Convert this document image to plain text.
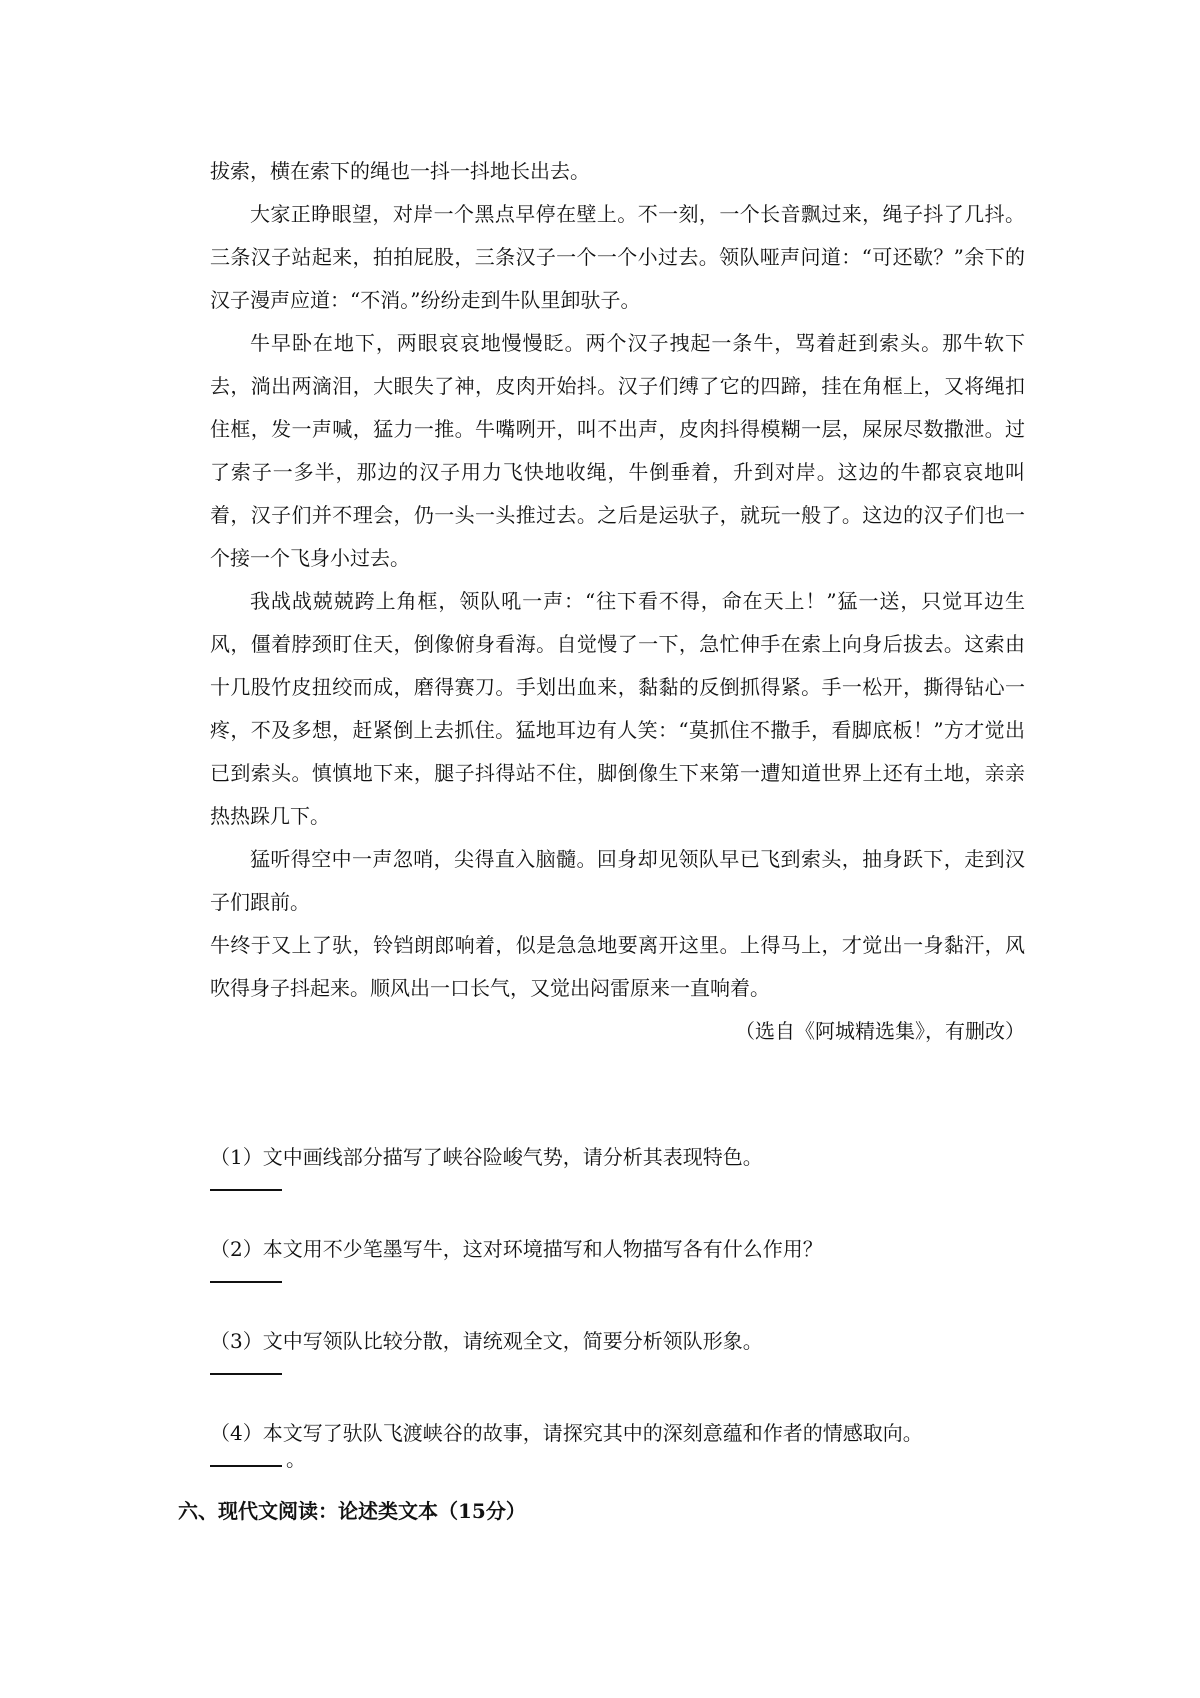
拔索，横在索下的绳也一抖一抖地长出去。

大家正睁眼望，对岸一个黑点早停在壁上。不一刻，一个长音飘过来，绳子抖了几抖。三条汉子站起来，拍拍屁股，三条汉子一个一个小过去。领队哑声问道：“可还歇？”余下的汉子漫声应道：“不消。”纷纷走到牛队里卸驮子。

牛早卧在地下，两眼哀哀地慢慢眨。两个汉子拽起一条牛，骂着赶到索头。那牛软下去，淌出两滴泪，大眼失了神，皮肉开始抖。汉子们缚了它的四蹄，挂在角框上，又将绳扣住框，发一声喊，猛力一推。牛嘴咧开，叫不出声，皮肉抖得模糊一层，屎尿尽数撒泄。过了索子一多半，那边的汉子用力飞快地收绳，牛倒垂着，升到对岸。这边的牛都哀哀地叫着，汉子们并不理会，仍一头一头推过去。之后是运驮子，就玩一般了。这边的汉子们也一个接一个飞身小过去。

我战战兢兢跨上角框，领队吼一声：“往下看不得，命在天上！”猛一送，只觉耳边生风，僵着脖颈盯住天，倒像俯身看海。自觉慢了一下，急忙伸手在索上向身后拔去。这索由十几股竹皮扭绞而成，磨得赛刀。手划出血来，黏黏的反倒抓得紧。手一松开，撕得钻心一疼，不及多想，赶紧倒上去抓住。猛地耳边有人笑：“莫抓住不撒手，看脚底板！”方才觉出已到索头。慎慎地下来，腿子抖得站不住，脚倒像生下来第一遭知道世界上还有土地，亲亲热热跺几下。

猛听得空中一声忽哨，尖得直入脑髓。回身却见领队早已飞到索头，抽身跃下，走到汉子们跟前。

牛终于又上了驮，铃铛朗郎响着，似是急急地要离开这里。上得马上，才觉出一身黏汗，风吹得身子抖起来。顺风出一口长气，又觉出闷雷原来一直响着。

（选自《阿城精选集》，有删改）

（1）文中画线部分描写了峡谷险峻气势，请分析其表现特色。

（2）本文用不少笔墨写牛，这对环境描写和人物描写各有什么作用？

（3）文中写领队比较分散，请统观全文，简要分析领队形象。

（4）本文写了驮队飞渡峡谷的故事，请探究其中的深刻意蕴和作者的情感取向。

。

六、现代文阅读：论述类文本（15分）
